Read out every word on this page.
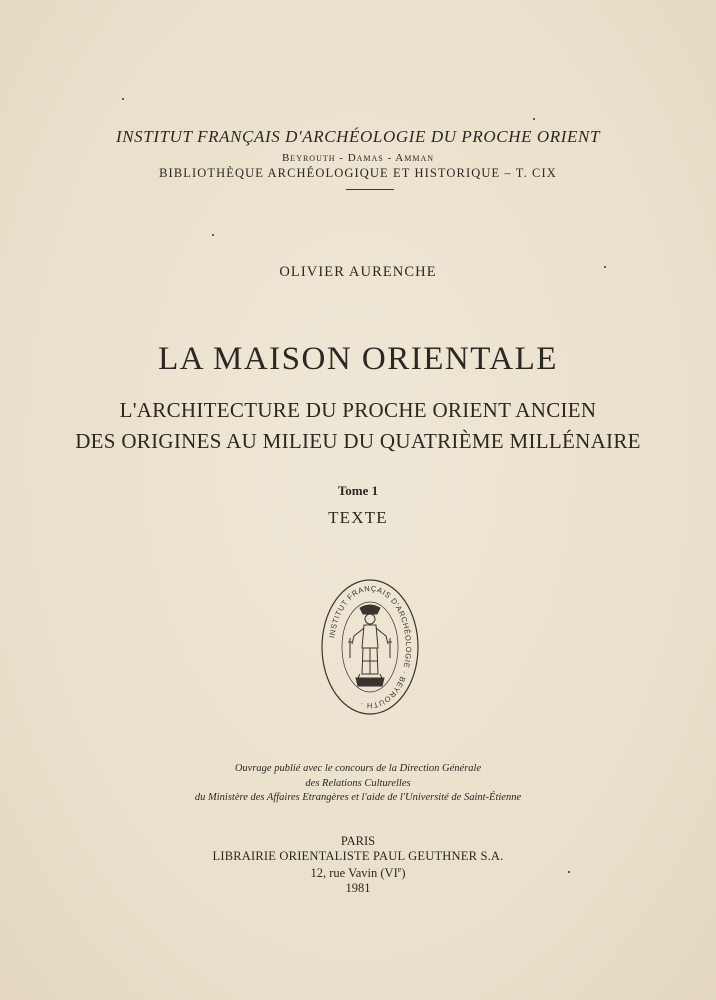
INSTITUT FRANÇAIS D'ARCHÉOLOGIE DU PROCHE ORIENT
Beyrouth - Damas - Amman
BIBLIOTHÈQUE ARCHÉOLOGIQUE ET HISTORIQUE – T. CIX
OLIVIER AURENCHE
LA MAISON ORIENTALE
L'ARCHITECTURE DU PROCHE ORIENT ANCIEN
DES ORIGINES AU MILIEU DU QUATRIÈME MILLÉNAIRE
Tome 1
TEXTE
INSTITUT FRANÇAIS D'ARCHÉOLOGIE · BEYROUTH ·
Ouvrage publié avec le concours de la Direction Générale
des Relations Culturelles
du Ministère des Affaires Etrangères et l'aide de l'Université de Saint-Étienne
PARIS
LIBRAIRIE ORIENTALISTE PAUL GEUTHNER S.A.
12, rue Vavin (VIe)
1981
